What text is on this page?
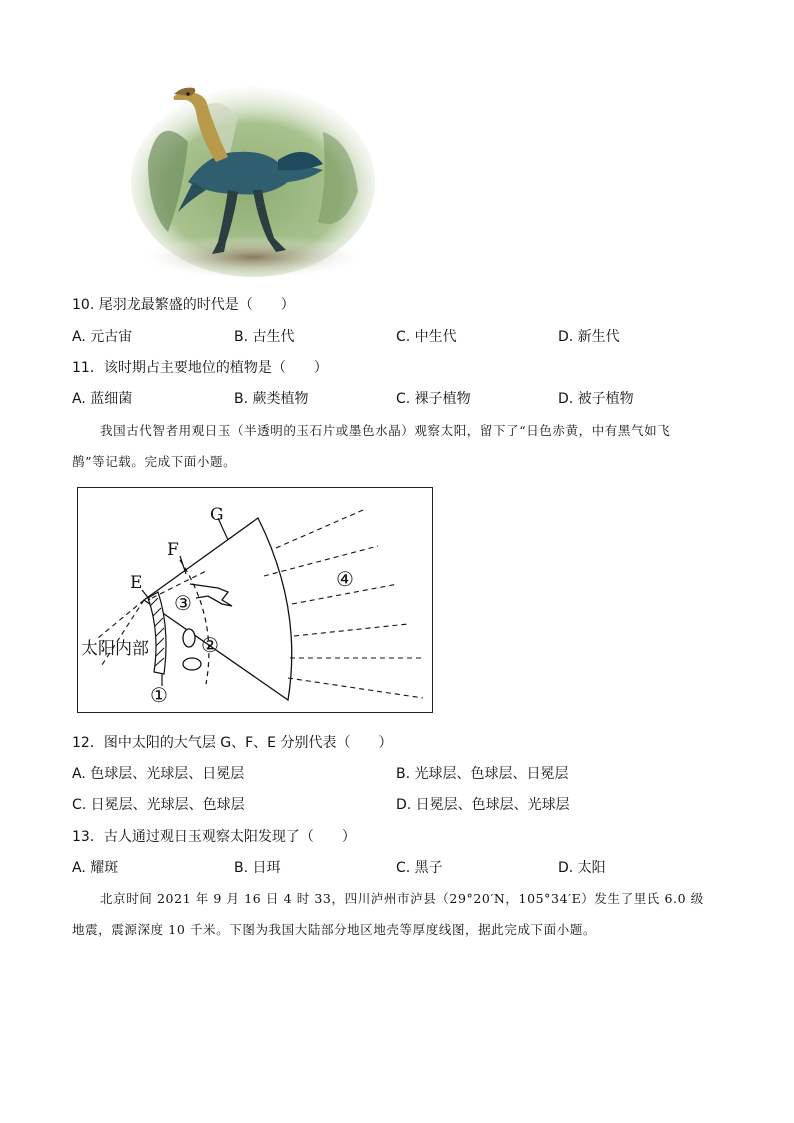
10. 尾羽龙最繁盛的时代是（　　）
A. 元古宙	B. 古生代	C. 中生代	D. 新生代
11．该时期占主要地位的植物是（　　）
A. 蓝细菌	B. 蕨类植物	C. 裸子植物	D. 被子植物
我国古代智者用观日玉（半透明的玉石片或墨色水晶）观察太阳，留下了“日色赤黄，中有黑气如飞
鹊”等记载。完成下面小题。
G
F
E
太阳内部
①
②
③
④
12．图中太阳的大气层 G、F、E 分别代表（　　）
A. 色球层、光球层、日冕层	B. 光球层、色球层、日冕层
C. 日冕层、光球层、色球层	D. 日冕层、色球层、光球层
13．古人通过观日玉观察太阳发现了（　　）
A. 耀斑	B. 日珥	C. 黑子	D. 太阳
北京时间 2021 年 9 月 16 日 4 时 33，四川泸州市泸县（29°20′N，105°34′E）发生了里氏 6.0 级
地震，震源深度 10 千米。下图为我国大陆部分地区地壳等厚度线图，据此完成下面小题。
